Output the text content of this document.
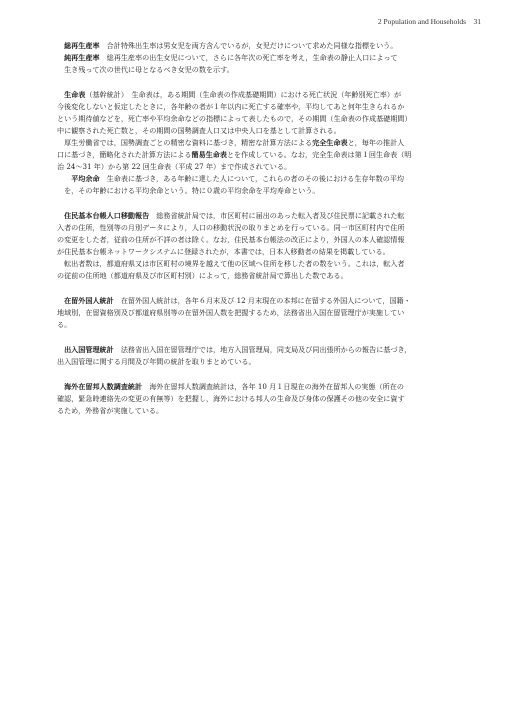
2 Population and Households　31

総再生産率　合計特殊出生率は男女児を両方含んでいるが，女児だけについて求めた同様な指標をいう。

純再生産率　総再生産率の出生女児について，さらに各年次の死亡率を考え，生命表の静止人口によって

生き残って次の世代に母となるべき女児の数を示す。

生命表（基幹統計）　生命表は，ある期間（生命表の作成基礎期間）における死亡状況（年齢別死亡率）が

今後変化しないと仮定したときに，各年齢の者が１年以内に死亡する確率や，平均してあと何年生きられるか

という期待値などを，死亡率や平均余命などの指標によって表したもので，その期間（生命表の作成基礎期間）

中に観察された死亡数と，その期間の国勢調査人口又は中央人口を基として計算される。

厚生労働省では，国勢調査ごとの精密な資料に基づき，精密な計算方法による完全生命表と，毎年の推計人

口に基づき，簡略化された計算方法による簡易生命表とを作成している。なお，完全生命表は第１回生命表（明

治 24～31 年）から第 22 回生命表（平成 27 年）まで作成されている。

平均余命　生命表に基づき，ある年齢に達した人について，これらの者のその後における生存年数の平均

を，その年齢における平均余命という。特に０歳の平均余命を平均寿命という。

住民基本台帳人口移動報告　総務省統計局では，市区町村に届出のあった転入者及び住民票に記載された転

入者の住所，性別等の月別データにより，人口の移動状況の取りまとめを行っている。同一市区町村内で住所

の変更をした者，従前の住所が不詳の者は除く。なお，住民基本台帳法の改正により，外国人の本人確認情報

が住民基本台帳ネットワークシステムに登録されたが，本書では，日本人移動者の結果を掲載している。

転出者数は，都道府県又は市区町村の境界を越えて他の区域へ住所を移した者の数をいう。これは，転入者

の従前の住所地（都道府県及び市区町村別）によって，総務省統計局で算出した数である。

在留外国人統計　在留外国人統計は，各年６月末及び 12 月末現在の本邦に在留する外国人について，国籍・

地域別，在留資格別及び都道府県別等の在留外国人数を把握するため，法務省出入国在留管理庁が実施してい

る。

出入国管理統計　法務省出入国在留管理庁では，地方入国管理局，同支局及び同出張所からの報告に基づき，

出入国管理に関する月間及び年間の統計を取りまとめている。

海外在留邦人数調査統計　海外在留邦人数調査統計は，各年 10 月１日現在の海外在留邦人の実態（所在の

確認，緊急時連絡先の変更の有無等）を把握し，海外における邦人の生命及び身体の保護その他の安全に資す

るため，外務省が実施している。
